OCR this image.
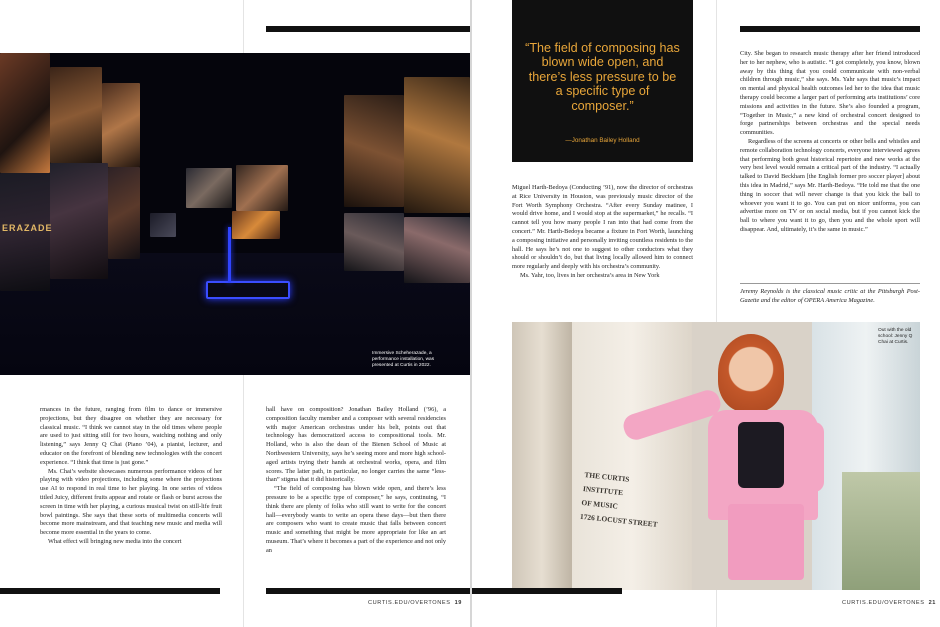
ERAZADE
Immersive Scheherazade, a performance installation, was presented at Curtis in 2022.

rmances in the future, ranging from film to dance or immersive projections, but they disagree on whether they are necessary for classical music. “I think we cannot stay in the old times where people are used to just sitting still for two hours, watching nothing and only listening,” says Jenny Q Chai (Piano ’04), a pianist, lecturer, and educator on the forefront of blending new technologies with the concert experience. “I think that time is just gone.”

Ms. Chai’s website showcases numerous performance videos of her playing with video projections, including some where the projections use AI to respond in real time to her playing. In one series of videos titled Juicy, different fruits appear and rotate or flash or burst across the screen in time with her playing, a curious musical twist on still-life fruit bowl paintings. She says that these sorts of multimedia concerts will become more mainstream, and that teaching new music and media will become more essential in the years to come.

What effect will bringing new media into the concert

hall have on composition? Jonathan Bailey Holland (’96), a composition faculty member and a composer with several residencies with major American orchestras under his belt, points out that technology has democratized access to compositional tools. Mr. Holland, who is also the dean of the Bienen School of Music at Northwestern University, says he’s seeing more and more high school-aged artists trying their hands at orchestral works, opera, and film scores. The latter path, in particular, no longer carries the same “less-than” stigma that it did historically.

“The field of composing has blown wide open, and there’s less pressure to be a specific type of composer,” he says, continuing, “I think there are plenty of folks who still want to write for the concert hall—everybody wants to write an opera these days—but then there are composers who want to create music that falls between concert music and something that might be more appropriate for like an art museum. That’s where it becomes a part of the experience and not only an

CURTIS.EDU/OVERTONES 19
“The field of composing has blown wide open, and there’s less pressure to be a specific type of composer.”
—Jonathan Bailey Holland

Miguel Harth-Bedoya (Conducting ’91), now the director of orchestras at Rice University in Houston, was previously music director of the Fort Worth Symphony Orchestra. “After every Sunday matinee, I would drive home, and I would stop at the supermarket,” he recalls. “I cannot tell you how many people I ran into that had come from the concert.” Mr. Harth-Bedoya became a fixture in Fort Worth, launching a composing initiative and personally inviting countless residents to the hall. He says he’s not one to suggest to other conductors what they should or shouldn’t do, but that living locally allowed him to connect more regularly and deeply with his orchestra’s community.

Ms. Yahr, too, lives in her orchestra’s area in New York

City. She began to research music therapy after her friend introduced her to her nephew, who is autistic. “I got completely, you know, blown away by this thing that you could communicate with non-verbal children through music,” she says. Ms. Yahr says that music’s impact on mental and physical health outcomes led her to the idea that music therapy could become a larger part of performing arts institutions’ core missions and activities in the future. She’s also founded a program, “Together in Music,” a new kind of orchestral concert designed to forge partnerships between orchestras and the special needs communities.

Regardless of the screens at concerts or other bells and whistles and remote collaboration technology concerts, everyone interviewed agrees that performing both great historical repertoire and new works at the very best level would remain a critical part of the industry. “I actually talked to David Beckham [the English former pro soccer player] about this idea in Madrid,” says Mr. Harth-Bedoya. “He told me that the one thing in soccer that will never change is that you kick the ball to whoever you want it to go. You can put on nicer uniforms, you can advertise more on TV or on social media, but if you cannot kick the ball to where you want it to go, then you and the whole sport will disappear. And, ultimately, it’s the same in music.”

Jeremy Reynolds is the classical music critic at the Pittsburgh Post-Gazette and the editor of OPERA America Magazine.
THE CURTIS INSTITUTE
OF MUSIC
1726 LOCUST STREET
Out with the old school: Jenny Q Chai at Curtis.
CURTIS.EDU/OVERTONES 21
